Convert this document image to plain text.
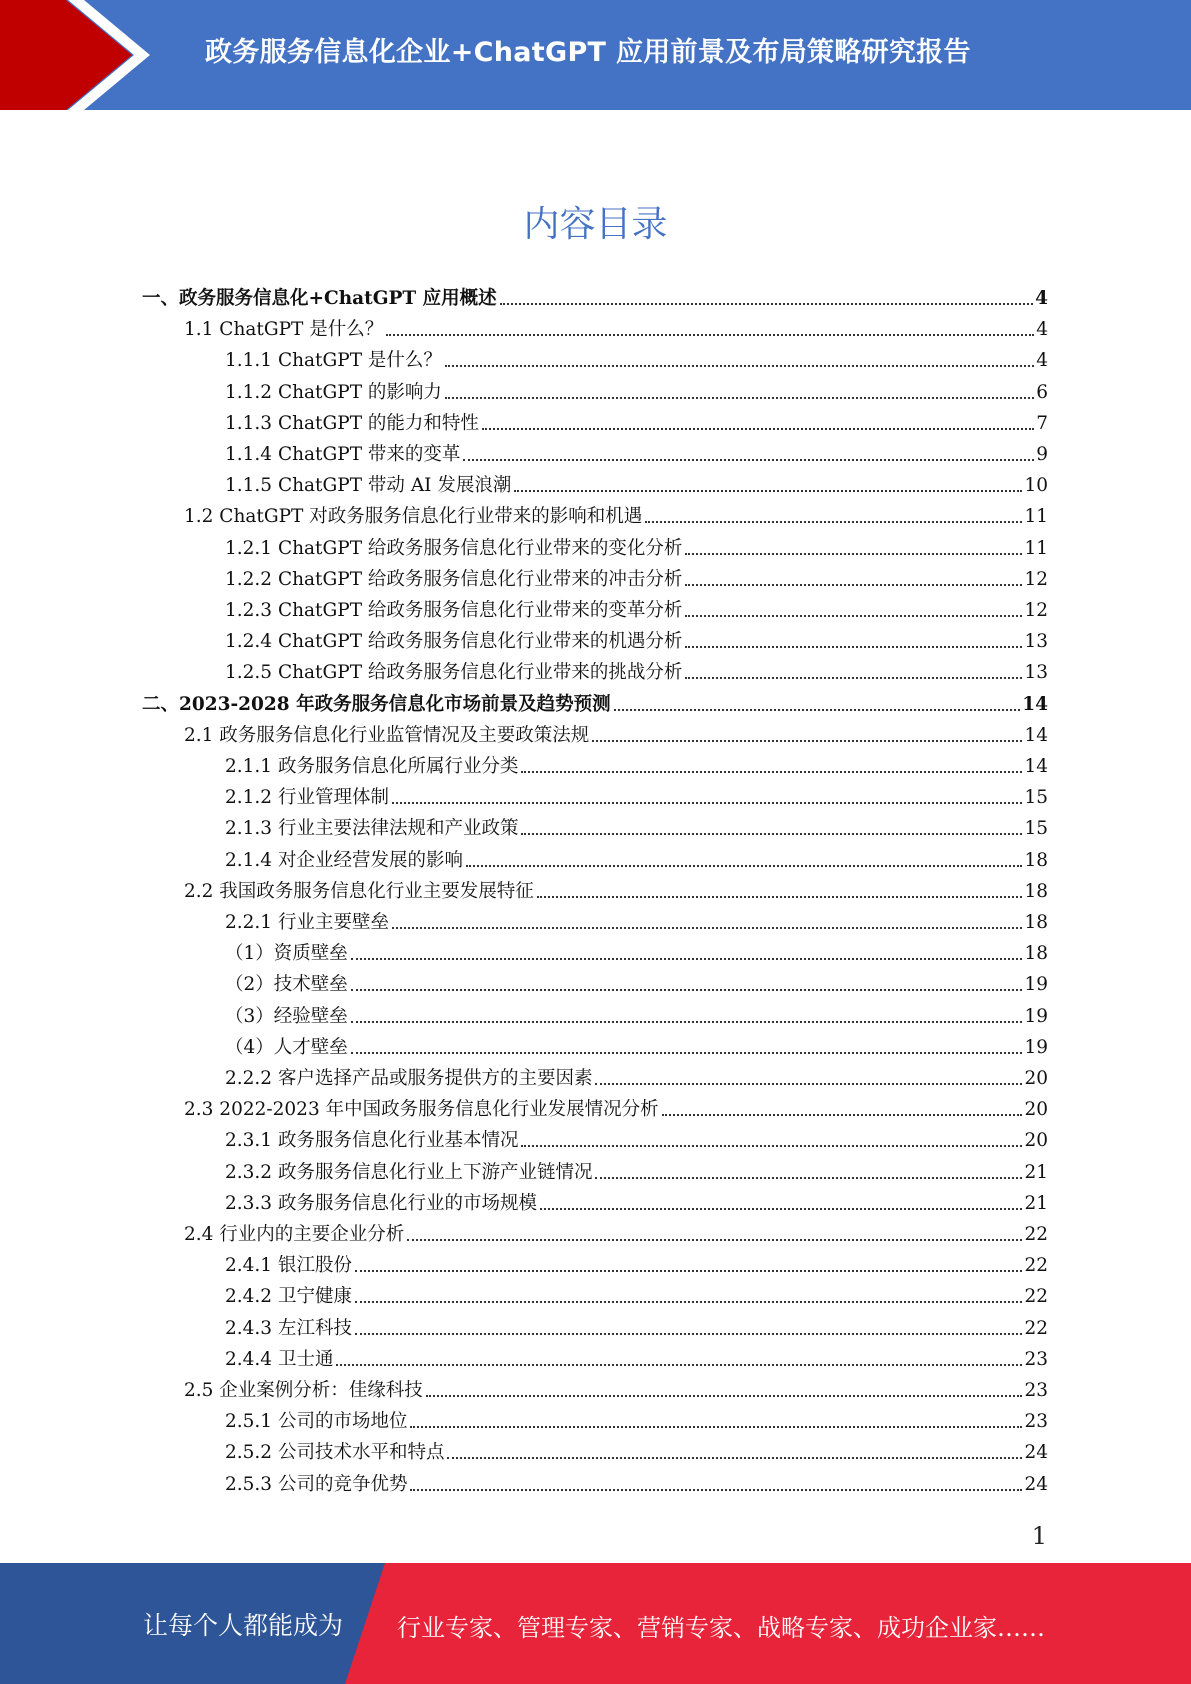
政务服务信息化企业+ChatGPT 应用前景及布局策略研究报告
内容目录
一、政务服务信息化+ChatGPT 应用概述	4
1.1 ChatGPT 是什么？	4
1.1.1 ChatGPT 是什么？	4
1.1.2 ChatGPT 的影响力	6
1.1.3 ChatGPT 的能力和特性	7
1.1.4 ChatGPT 带来的变革	9
1.1.5 ChatGPT 带动 AI 发展浪潮	10
1.2 ChatGPT 对政务服务信息化行业带来的影响和机遇	11
1.2.1 ChatGPT 给政务服务信息化行业带来的变化分析	11
1.2.2 ChatGPT 给政务服务信息化行业带来的冲击分析	12
1.2.3 ChatGPT 给政务服务信息化行业带来的变革分析	12
1.2.4 ChatGPT 给政务服务信息化行业带来的机遇分析	13
1.2.5 ChatGPT 给政务服务信息化行业带来的挑战分析	13
二、2023-2028 年政务服务信息化市场前景及趋势预测	14
2.1 政务服务信息化行业监管情况及主要政策法规	14
2.1.1 政务服务信息化所属行业分类	14
2.1.2 行业管理体制	15
2.1.3 行业主要法律法规和产业政策	15
2.1.4 对企业经营发展的影响	18
2.2 我国政务服务信息化行业主要发展特征	18
2.2.1 行业主要壁垒	18
（1）资质壁垒	18
（2）技术壁垒	19
（3）经验壁垒	19
（4）人才壁垒	19
2.2.2 客户选择产品或服务提供方的主要因素	20
2.3 2022-2023 年中国政务服务信息化行业发展情况分析	20
2.3.1 政务服务信息化行业基本情况	20
2.3.2 政务服务信息化行业上下游产业链情况	21
2.3.3 政务服务信息化行业的市场规模	21
2.4 行业内的主要企业分析	22
2.4.1 银江股份	22
2.4.2 卫宁健康	22
2.4.3 左江科技	22
2.4.4 卫士通	23
2.5 企业案例分析：佳缘科技	23
2.5.1 公司的市场地位	23
2.5.2 公司技术水平和特点	24
2.5.3 公司的竞争优势	24
1
让每个人都能成为 行业专家、管理专家、营销专家、战略专家、成功企业家……
